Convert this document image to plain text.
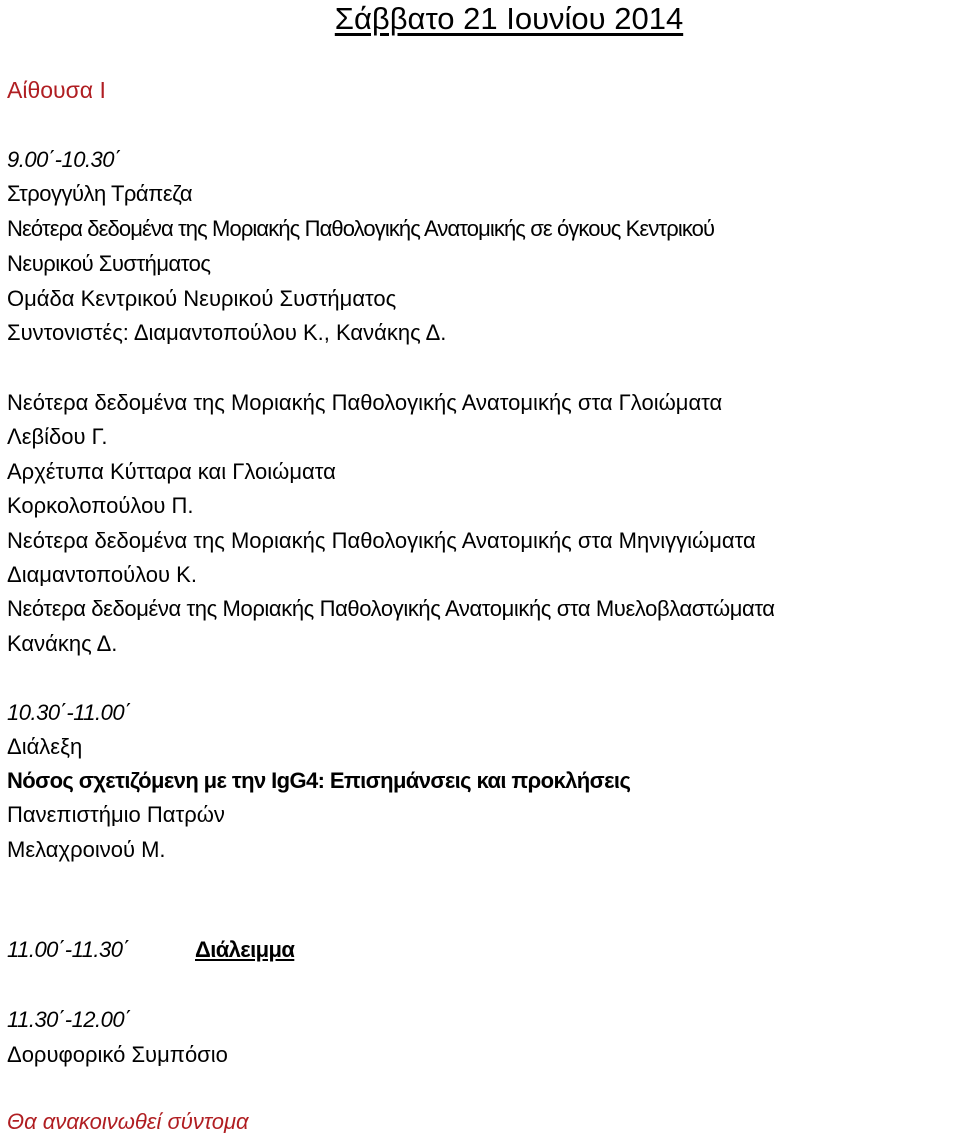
Σάββατο 21 Ιουνίου 2014
Αίθουσα Ι
9.00΄-10.30΄
Στρογγύλη Τράπεζα
Νεότερα δεδομένα της Μοριακής Παθολογικής Ανατομικής σε όγκους Κεντρικού
Νευρικού Συστήματος
Ομάδα Κεντρικού Νευρικού Συστήματος
Συντονιστές: Διαμαντοπούλου Κ., Κανάκης Δ.
Νεότερα δεδομένα της Μοριακής Παθολογικής Ανατομικής στα Γλοιώματα
Λεβίδου Γ.
Αρχέτυπα Κύτταρα και Γλοιώματα
Κορκολοπούλου Π.
Νεότερα δεδομένα της Μοριακής Παθολογικής Ανατομικής στα Μηνιγγιώματα
Διαμαντοπούλου Κ.
Νεότερα δεδομένα της Μοριακής Παθολογικής Ανατομικής στα Μυελοβλαστώματα
Κανάκης Δ.
10.30΄-11.00΄
Διάλεξη
Νόσος σχετιζόμενη με την IgG4: Επισημάνσεις και προκλήσεις
Πανεπιστήμιο Πατρών
Μελαχροινού Μ.
11.00΄-11.30΄	Διάλειμμα
11.30΄-12.00΄
Δορυφορικό Συμπόσιο
Θα ανακοινωθεί σύντομα
